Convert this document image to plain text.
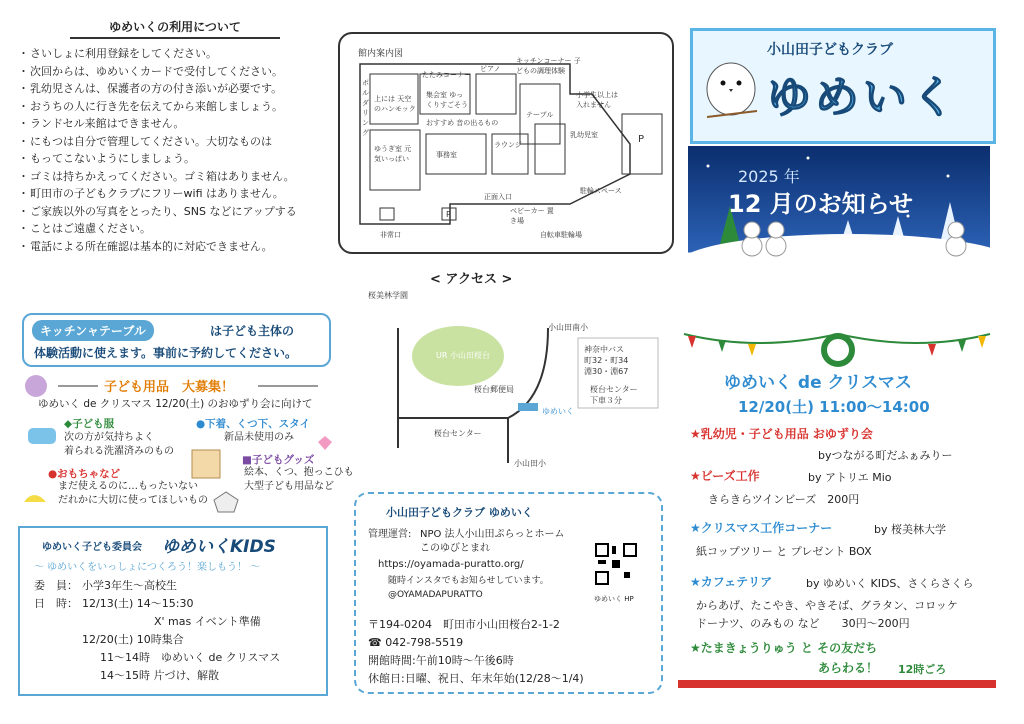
ゆめいくの利用について
・ さいしょに利用登録をしてください。
・ 次回からは、ゆめいくカードで受付してください。
・ 乳幼児さんは、保護者の方の付き添いが必要です。
・ おうちの人に行き先を伝えてから来館しましょう。
・ ランドセル来館はできません。
・ にもつは自分で管理してください。大切なものは
・ もってこないようにしましょう。
・ ゴミは持ちかえってください。ゴミ箱はありません。
・ 町田市の子どもクラブにフリーwifi はありません。
・ ご家族以外の写真をとったり、SNS などにアップする
・ ことはご遠慮ください。
・ 電話による所在確認は基本的に対応できません。
キッチンャテーブル	は子ども主体の
体験活動に使えます。事前に予約してください。
子ども用品　大募集！
ゆめいく de クリスマス 12/20(土) のおゆずり会に向けて
◆子ども服
次の方が気持ちよく
着られる洗濯済みのもの
●下着、くつ下、スタイ
新品未使用のみ
●おもちゃなど
まだ使えるのに…もったいない
だれかに大切に使ってほしいもの
■子どもグッズ
絵本、くつ、抱っこひも
大型子ども用品など
ゆめいく子ども委員会 ゆめいくKIDS
～ ゆめいくをいっしょにつくろう！楽しもう！ ～
委　員： 小学3年生～高校生
日　時： 12/13(土) 14～15:30
X' mas イベント準備
12/20(土) 10時集合
11～14時　ゆめいく de クリスマス
14～15時 片づけ、解散
館内案内図
たたみコーナー
ピアノ
キッチンコーナー 子どもの調理体験
上には 天空のハンモック
集会室 ゆっくりすごそう
ボルダリング
テーブル
おすすめ 音の出るもの
ゆうぎ室 元気いっぱい	事務室
ラウンジ
乳幼児室
小学生以上は 入れません
正面入口
ベビーカー 置き場
駐輪スペース
P
P
非常口	自転車駐輪場
< アクセス >
桜美林学園
小山田南小
UR 小山田桜台
桜台郵便局
桜台センター
小山田小
ゆめいく
神奈中バス
町32・町34
淵30・淵67
桜台センター
下車３分
小山田子どもクラブ ゆめいく
管理運営: NPO 法人小山田ぷらっとホーム
このゆびとまれ
https://oyamada-puratto.org/
随時インスタでもお知らせしています。
@OYAMADAPURATTO	ゆめいく HP
〒194-0204　町田市小山田桜台2-1-2
☎ 042-798-5519
開館時間:午前10時～午後6時
休館日:日曜、祝日、年末年始(12/28～1/4)
小山田子どもクラブ
ゆめいく
2025 年
12 月のお知らせ
ゆめいく de クリスマス
12/20(土) 11:00～14:00
★乳幼児・子ども用品 おゆずり会
byつながる町だふぁみりー
★ビーズ工作	by アトリエ Mio
きらきらツインビーズ　200円
★クリスマス工作コーナー	by 桜美林大学
紙コップツリー と プレゼント BOX
★カフェテリア	by ゆめいく KIDS、さくらさくら
からあげ、たこやき、やきそば、グラタン、コロッケ
ドーナツ、のみもの など　　30円～200円
★たまきょうりゅう と その友だち
あらわる！ 12時ごろ
